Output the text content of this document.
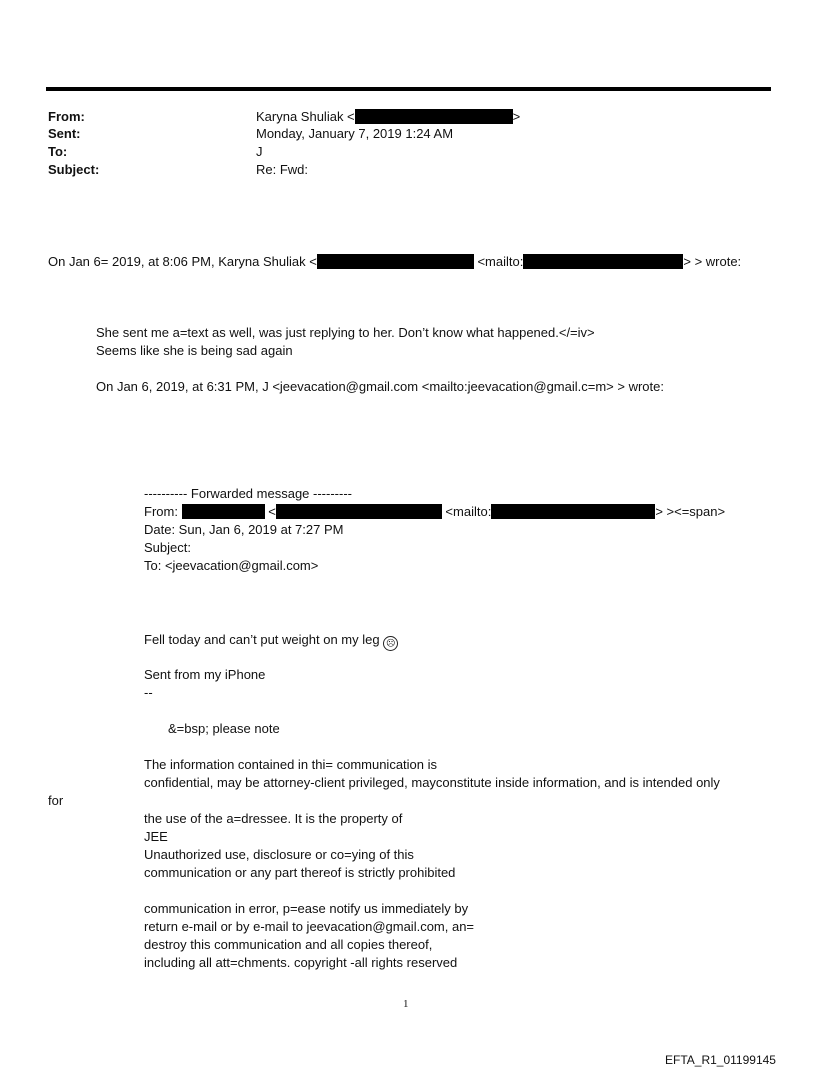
From:	Karyna Shuliak <	>
Sent:	Monday, January 7, 2019 1:24 AM
To:	J
Subject:	Re: Fwd:
On Jan 6= 2019, at 8:06 PM, Karyna Shuliak <	<mailto:	> > wrote:
She sent me a=text as well, was just replying to her. Don’t know what happened.</=iv>
Seems like she is being sad again
On Jan 6, 2019, at 6:31 PM, J <jeevacation@gmail.com <mailto:jeevacation@gmail.c=m> > wrote:
---------- Forwarded message ---------
From:	<	<mailto:	> ><=span>
Date: Sun, Jan 6, 2019 at 7:27 PM
Subject:
To: <jeevacation@gmail.com>
Fell today and can’t put weight on my leg ☹
Sent from my iPhone
--
&=bsp; please note
The information contained in thi= communication is
confidential, may be attorney-client privileged, mayconstitute inside information, and is intended only
for
the use of the a=dressee. It is the property of
JEE
Unauthorized use, disclosure or co=ying of this
communication or any part thereof is strictly prohibited
communication in error, p=ease notify us immediately by
return e-mail or by e-mail to jeevacation@gmail.com, an=
destroy this communication and all copies thereof,
including all att=chments. copyright -all rights reserved
1
EFTA_R1_01199145
